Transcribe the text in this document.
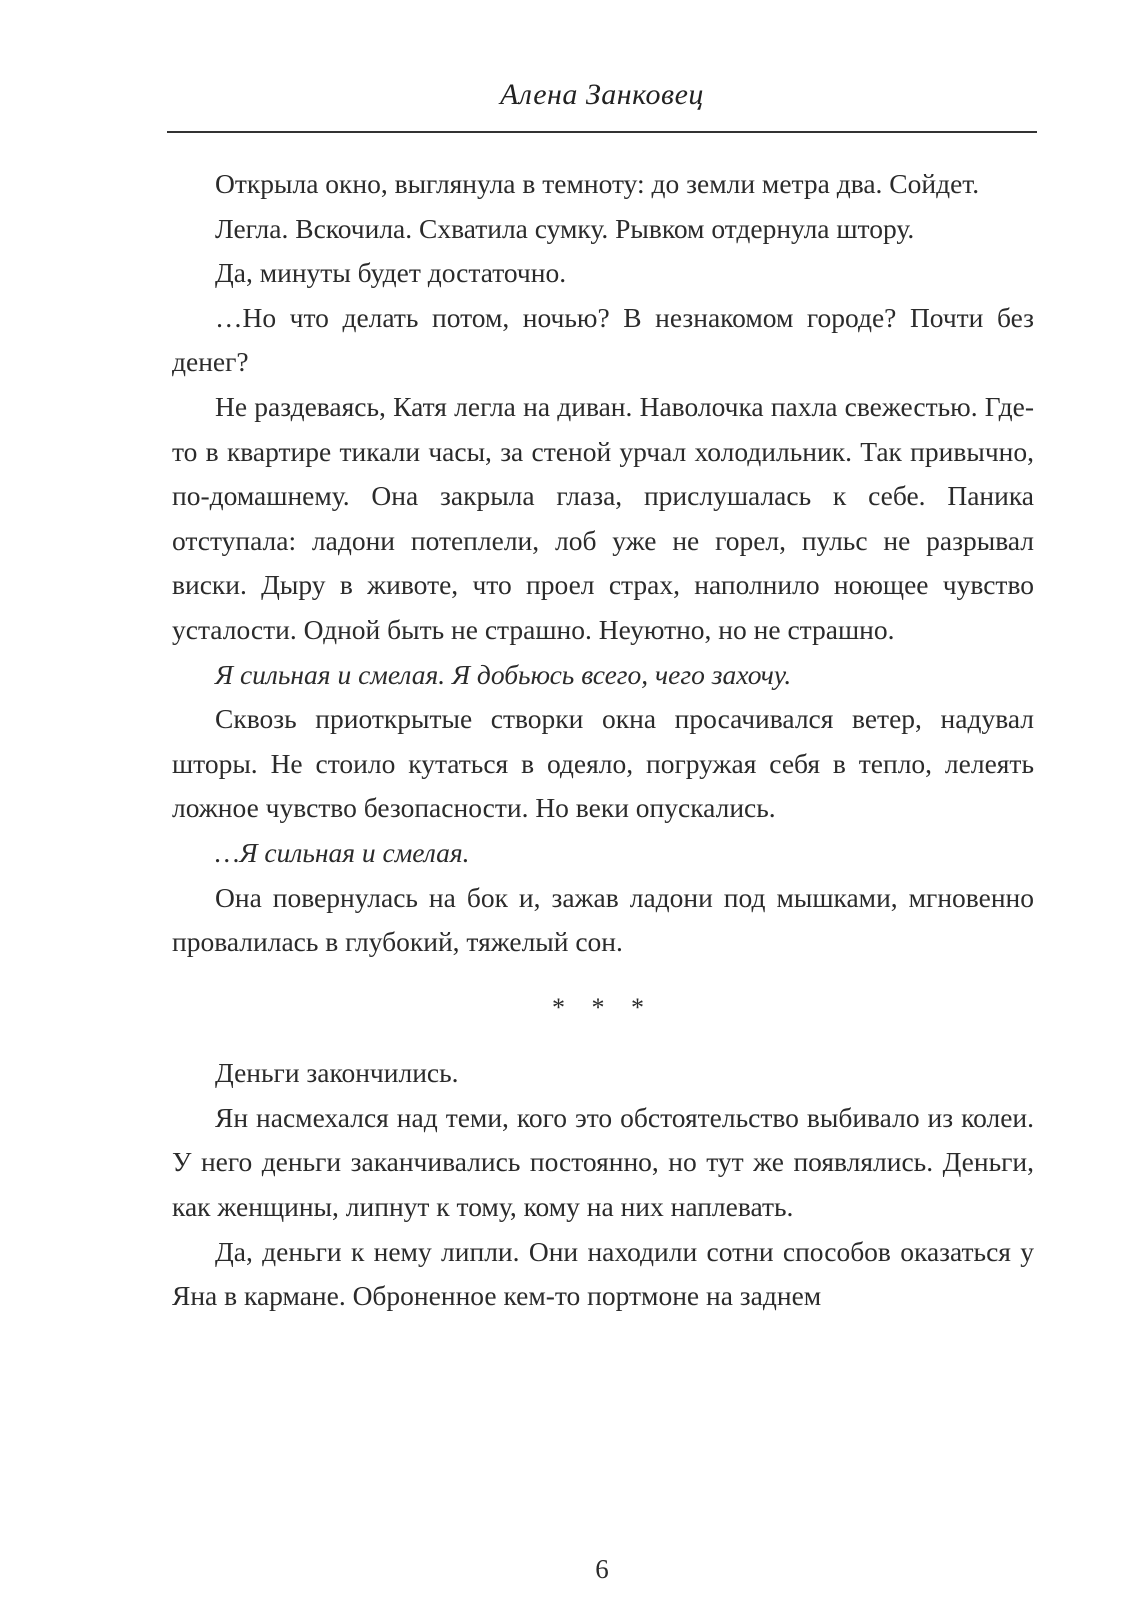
Алена Занковец

Открыла окно, выглянула в темноту: до земли метра два. Сойдет.

Легла. Вскочила. Схватила сумку. Рывком отдернула штору.

Да, минуты будет достаточно.

…Но что делать потом, ночью? В незнакомом городе? Почти без денег?

Не раздеваясь, Катя легла на диван. Наволочка пахла свежестью. Где-то в квартире тикали часы, за стеной урчал холодильник. Так привычно, по-домашнему. Она закрыла глаза, прислушалась к себе. Паника отступала: ладони потеплели, лоб уже не горел, пульс не разрывал виски. Дыру в животе, что проел страх, наполнило ноющее чувство усталости. Одной быть не страшно. Неуютно, но не страшно.

Я сильная и смелая. Я добьюсь всего, чего захочу.

Сквозь приоткрытые створки окна просачивался ветер, надувал шторы. Не стоило кутаться в одеяло, погружая себя в тепло, лелеять ложное чувство безопасности. Но веки опускались.

…Я сильная и смелая.

Она повернулась на бок и, зажав ладони под мышками, мгновенно провалилась в глубокий, тяжелый сон.

* * *

Деньги закончились.

Ян насмехался над теми, кого это обстоятельство выбивало из колеи. У него деньги заканчивались постоянно, но тут же появлялись. Деньги, как женщины, липнут к тому, кому на них наплевать.

Да, деньги к нему липли. Они находили сотни способов оказаться у Яна в кармане. Оброненное кем-то портмоне на заднем

6
